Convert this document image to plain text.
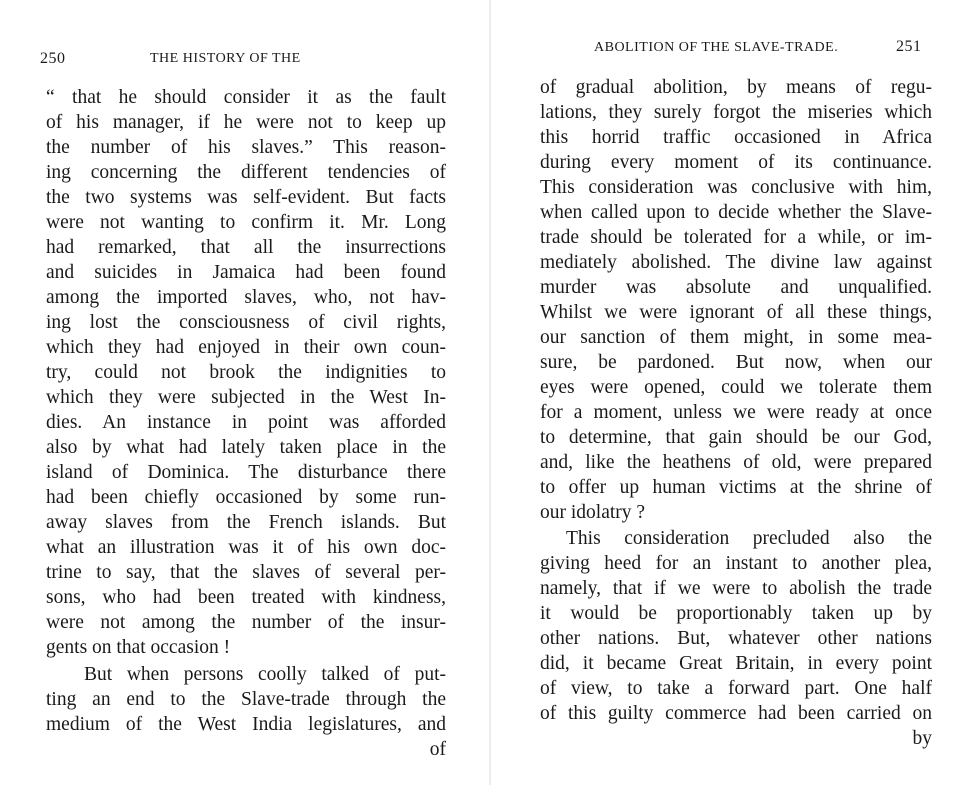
250	THE HISTORY OF THE
ABOLITION OF THE SLAVE-TRADE.	251
“ that he should consider it as the fault
of his manager, if he were not to keep up
the number of his slaves.” This reason-
ing concerning the different tendencies of
the two systems was self-evident. But facts
were not wanting to confirm it. Mr. Long
had remarked, that all the insurrections
and suicides in Jamaica had been found
among the imported slaves, who, not hav-
ing lost the consciousness of civil rights,
which they had enjoyed in their own coun-
try, could not brook the indignities to
which they were subjected in the West In-
dies. An instance in point was afforded
also by what had lately taken place in the
island of Dominica. The disturbance there
had been chiefly occasioned by some run-
away slaves from the French islands. But
what an illustration was it of his own doc-
trine to say, that the slaves of several per-
sons, who had been treated with kindness,
were not among the number of the insur-
gents on that occasion !
But when persons coolly talked of put-
ting an end to the Slave-trade through the
medium of the West India legislatures, and
of
of gradual abolition, by means of regu-
lations, they surely forgot the miseries which
this horrid traffic occasioned in Africa
during every moment of its continuance.
This consideration was conclusive with him,
when called upon to decide whether the Slave-
trade should be tolerated for a while, or im-
mediately abolished. The divine law against
murder was absolute and unqualified.
Whilst we were ignorant of all these things,
our sanction of them might, in some mea-
sure, be pardoned. But now, when our
eyes were opened, could we tolerate them
for a moment, unless we were ready at once
to determine, that gain should be our God,
and, like the heathens of old, were prepared
to offer up human victims at the shrine of
our idolatry ?
This consideration precluded also the
giving heed for an instant to another plea,
namely, that if we were to abolish the trade
it would be proportionably taken up by
other nations. But, whatever other nations
did, it became Great Britain, in every point
of view, to take a forward part. One half
of this guilty commerce had been carried on
by
